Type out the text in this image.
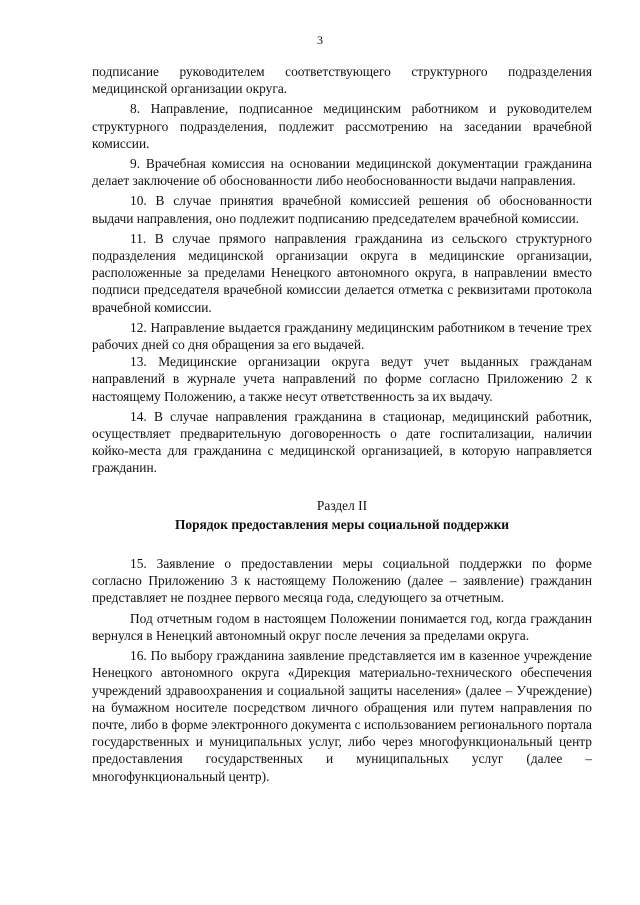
3

подписание руководителем соответствующего структурного подразделения медицинской организации округа.

8. Направление, подписанное медицинским работником и руководителем структурного подразделения, подлежит рассмотрению на заседании врачебной комиссии.

9. Врачебная комиссия на основании медицинской документации гражданина делает заключение об обоснованности либо необоснованности выдачи направления.

10. В случае принятия врачебной комиссией решения об обоснованности выдачи направления, оно подлежит подписанию председателем врачебной комиссии.

11. В случае прямого направления гражданина из сельского структурного подразделения медицинской организации округа в медицинские организации, расположенные за пределами Ненецкого автономного округа, в направлении вместо подписи председателя врачебной комиссии делается отметка с реквизитами протокола врачебной комиссии.

12. Направление выдается гражданину медицинским работником в течение трех рабочих дней со дня обращения за его выдачей.

13. Медицинские организации округа ведут учет выданных гражданам направлений в журнале учета направлений по форме согласно Приложению 2 к настоящему Положению, а также несут ответственность за их выдачу.

14. В случае направления гражданина в стационар, медицинский работник, осуществляет предварительную договоренность о дате госпитализации, наличии койко-места для гражданина с медицинской организацией, в которую направляется гражданин.

Раздел II
Порядок предоставления меры социальной поддержки

15. Заявление о предоставлении меры социальной поддержки по форме согласно Приложению 3 к настоящему Положению (далее – заявление) гражданин представляет не позднее первого месяца года, следующего за отчетным.

Под отчетным годом в настоящем Положении понимается год, когда гражданин вернулся в Ненецкий автономный округ после лечения за пределами округа.

16. По выбору гражданина заявление представляется им в казенное учреждение Ненецкого автономного округа «Дирекция материально-технического обеспечения учреждений здравоохранения и социальной защиты населения» (далее – Учреждение) на бумажном носителе посредством личного обращения или путем направления по почте, либо в форме электронного документа с использованием регионального портала государственных и муниципальных услуг, либо через многофункциональный центр предоставления государственных и муниципальных услуг (далее – многофункциональный центр).
